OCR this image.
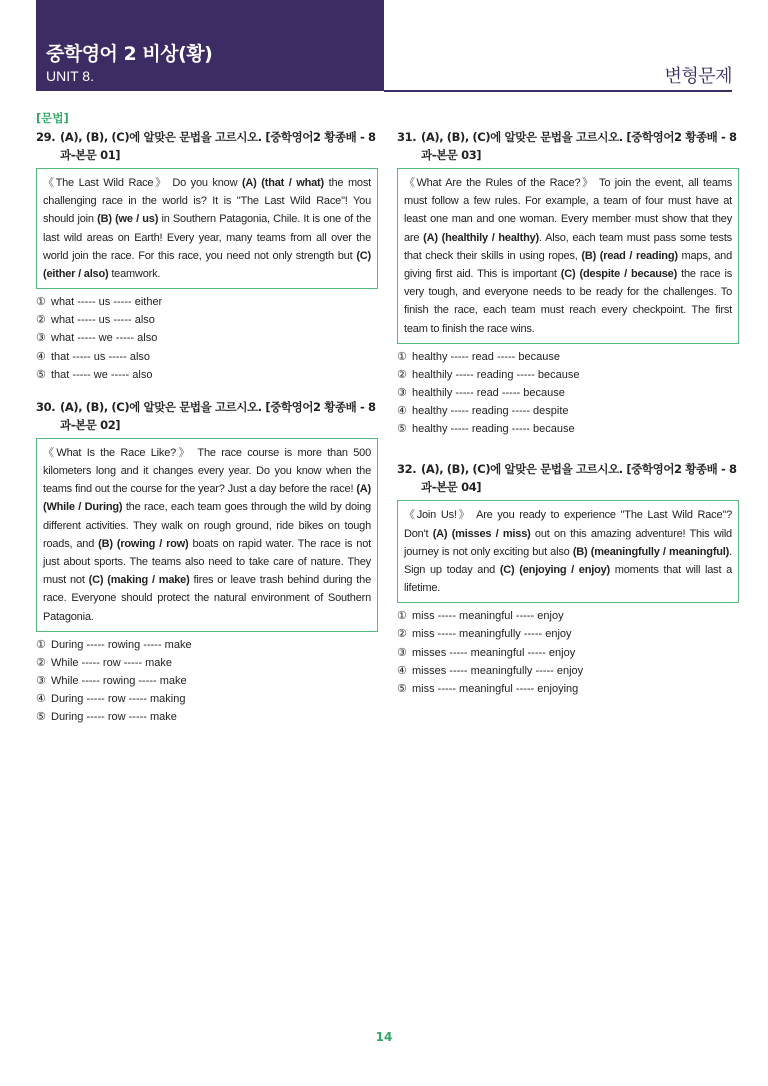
중학영어 2 비상(황)
UNIT 8.	변형문제
[문법]
29. (A), (B), (C)에 알맞은 문법을 고르시오. [중학영어2 황종배 - 8과-본문 01]
《The Last Wild Race》 Do you know (A) (that / what) the most challenging race in the world is? It is "The Last Wild Race"! You should join (B) (we / us) in Southern Patagonia, Chile. It is one of the last wild areas on Earth! Every year, many teams from all over the world join the race. For this race, you need not only strength but (C) (either / also) teamwork.
① what ----- us ----- either
② what ----- us ----- also
③ what ----- we ----- also
④ that ----- us ----- also
⑤ that ----- we ----- also
30. (A), (B), (C)에 알맞은 문법을 고르시오. [중학영어2 황종배 - 8과-본문 02]
《What Is the Race Like?》 The race course is more than 500 kilometers long and it changes every year. Do you know when the teams find out the course for the year? Just a day before the race! (A) (While / During) the race, each team goes through the wild by doing different activities. They walk on rough ground, ride bikes on tough roads, and (B) (rowing / row) boats on rapid water. The race is not just about sports. The teams also need to take care of nature. They must not (C) (making / make) fires or leave trash behind during the race. Everyone should protect the natural environment of Southern Patagonia.
① During ----- rowing ----- make
② While ----- row ----- make
③ While ----- rowing ----- make
④ During ----- row ----- making
⑤ During ----- row ----- make
31. (A), (B), (C)에 알맞은 문법을 고르시오. [중학영어2 황종배 - 8과-본문 03]
《What Are the Rules of the Race?》 To join the event, all teams must follow a few rules. For example, a team of four must have at least one man and one woman. Every member must show that they are (A) (healthily / healthy). Also, each team must pass some tests that check their skills in using ropes, (B) (read / reading) maps, and giving first aid. This is important (C) (despite / because) the race is very tough, and everyone needs to be ready for the challenges. To finish the race, each team must reach every checkpoint. The first team to finish the race wins.
① healthy ----- read ----- because
② healthily ----- reading ----- because
③ healthily ----- read ----- because
④ healthy ----- reading ----- despite
⑤ healthy ----- reading ----- because
32. (A), (B), (C)에 알맞은 문법을 고르시오. [중학영어2 황종배 - 8과-본문 04]
《Join Us!》 Are you ready to experience "The Last Wild Race"? Don't (A) (misses / miss) out on this amazing adventure! This wild journey is not only exciting but also (B) (meaningfully / meaningful). Sign up today and (C) (enjoying / enjoy) moments that will last a lifetime.
① miss ----- meaningful ----- enjoy
② miss ----- meaningfully ----- enjoy
③ misses ----- meaningful ----- enjoy
④ misses ----- meaningfully ----- enjoy
⑤ miss ----- meaningful ----- enjoying
14
